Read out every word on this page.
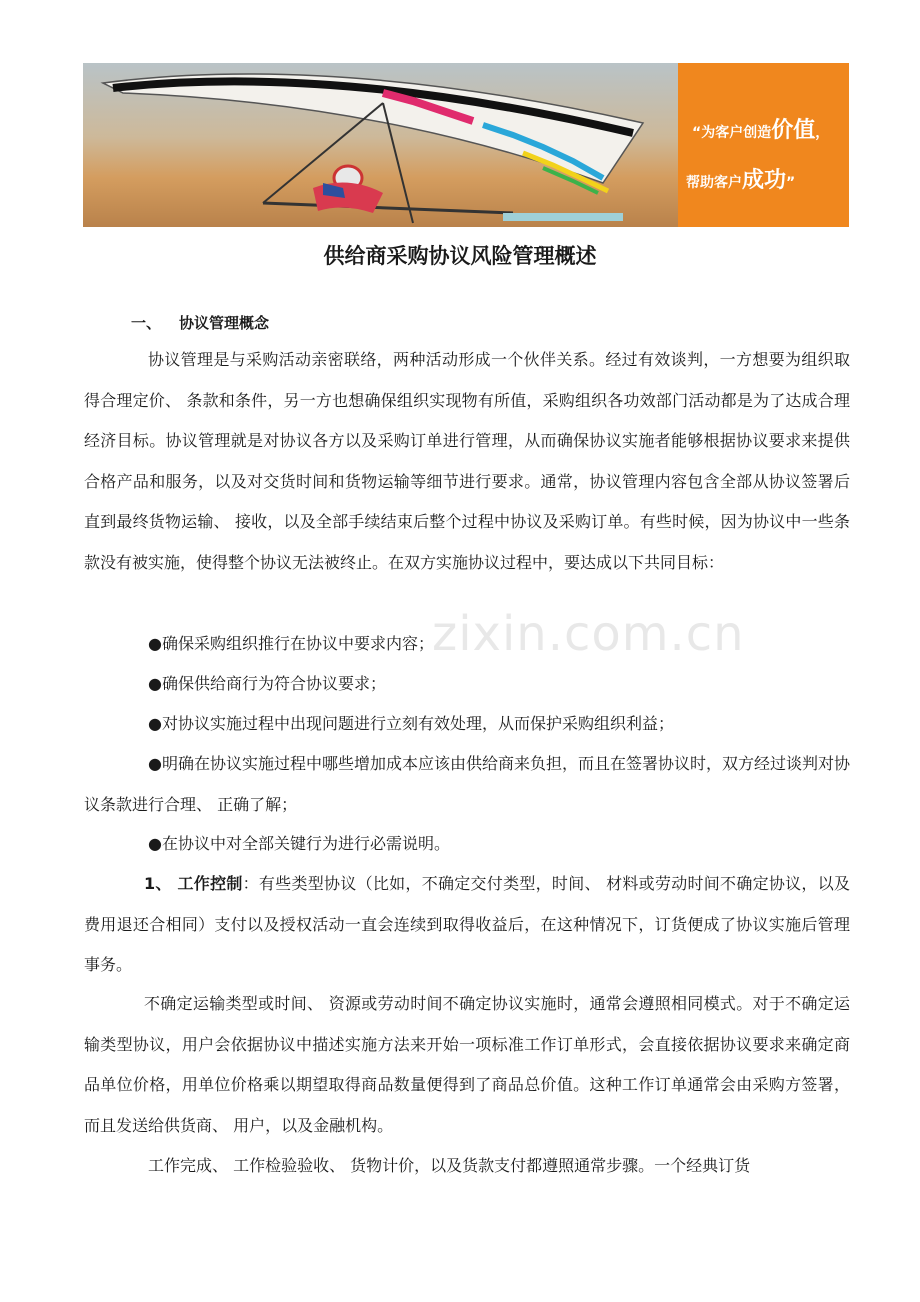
“为客户创造价值，
帮助客户成功”
供给商采购协议风险管理概述
一、 协议管理概念

协议管理是与采购活动亲密联络，两种活动形成一个伙伴关系。经过有效谈判，一方想要为组织取得合理定价、 条款和条件，另一方也想确保组织实现物有所值，采购组织各功效部门活动都是为了达成合理经济目标。协议管理就是对协议各方以及采购订单进行管理，从而确保协议实施者能够根据协议要求来提供合格产品和服务，以及对交货时间和货物运输等细节进行要求。通常，协议管理内容包含全部从协议签署后直到最终货物运输、 接收，以及全部手续结束后整个过程中协议及采购订单。有些时候，因为协议中一些条款没有被实施，使得整个协议无法被终止。在双方实施协议过程中，要达成以下共同目标：

●确保采购组织推行在协议中要求内容；

●确保供给商行为符合协议要求；

●对协议实施过程中出现问题进行立刻有效处理，从而保护采购组织利益；

●明确在协议实施过程中哪些增加成本应该由供给商来负担，而且在签署协议时，双方经过谈判对协议条款进行合理、 正确了解；

●在协议中对全部关键行为进行必需说明。

1、 工作控制：有些类型协议（比如，不确定交付类型，时间、 材料或劳动时间不确定协议，以及费用退还合相同）支付以及授权活动一直会连续到取得收益后，在这种情况下，订货便成了协议实施后管理事务。

不确定运输类型或时间、 资源或劳动时间不确定协议实施时，通常会遵照相同模式。对于不确定运输类型协议，用户会依据协议中描述实施方法来开始一项标准工作订单形式，会直接依据协议要求来确定商品单位价格，用单位价格乘以期望取得商品数量便得到了商品总价值。这种工作订单通常会由采购方签署，而且发送给供货商、 用户，以及金融机构。

工作完成、 工作检验验收、 货物计价，以及货款支付都遵照通常步骤。一个经典订货

zixin.com.cn
